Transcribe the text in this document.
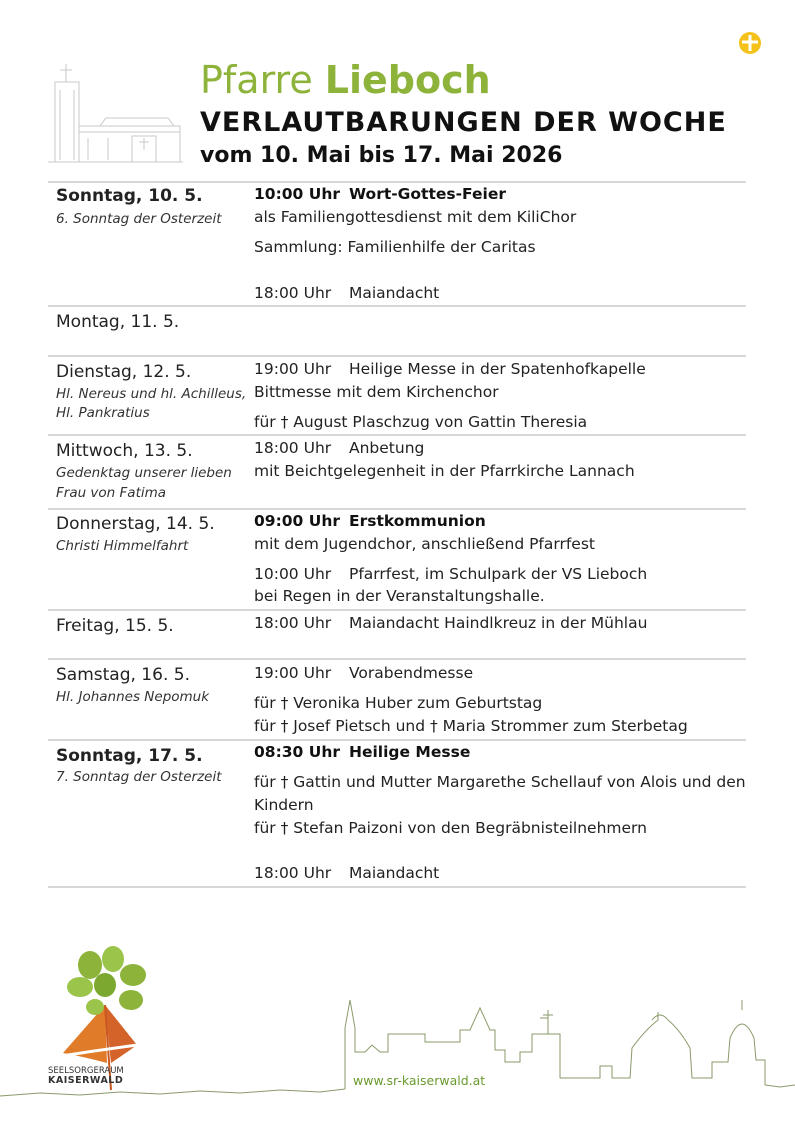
Pfarre Lieboch
VERLAUTBARUNGEN DER WOCHE
vom 10. Mai bis 17. Mai 2026
Sonntag, 10. 5.
6. Sonntag der Osterzeit
10:00 Uhr Wort-Gottes-Feier
als Familiengottesdienst mit dem KiliChor
Sammlung: Familienhilfe der Caritas
18:00 Uhr Maiandacht
Montag, 11. 5.
Dienstag, 12. 5.
Hl. Nereus und hl. Achilleus,
Hl. Pankratius
19:00 Uhr Heilige Messe in der Spatenhofkapelle
Bittmesse mit dem Kirchenchor
für † August Plaschzug von Gattin Theresia
Mittwoch, 13. 5.
Gedenktag unserer lieben
Frau von Fatima
18:00 Uhr Anbetung
mit Beichtgelegenheit in der Pfarrkirche Lannach
Donnerstag, 14. 5.
Christi Himmelfahrt
09:00 Uhr Erstkommunion
mit dem Jugendchor, anschließend Pfarrfest
10:00 Uhr Pfarrfest, im Schulpark der VS Lieboch
bei Regen in der Veranstaltungshalle.
Freitag, 15. 5.	18:00 Uhr Maiandacht Haindlkreuz in der Mühlau
Samstag, 16. 5.
Hl. Johannes Nepomuk
19:00 Uhr Vorabendmesse
für † Veronika Huber zum Geburtstag
für † Josef Pietsch und † Maria Strommer zum Sterbetag
Sonntag, 17. 5.
7. Sonntag der Osterzeit
08:30 Uhr Heilige Messe
für † Gattin und Mutter Margarethe Schellauf von Alois und den
Kindern
für † Stefan Paizoni von den Begräbnisteilnehmern
18:00 Uhr Maiandacht
SEELSORGERAUM
KAISERWALD	www.sr-kaiserwald.at
